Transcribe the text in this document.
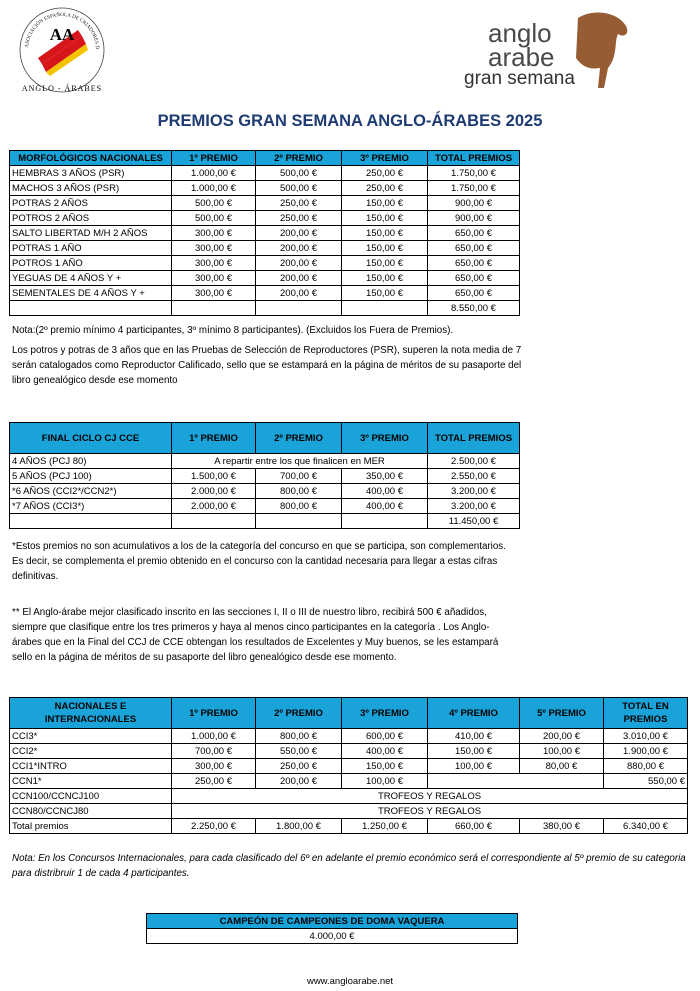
ASOCIACIÓN ESPAÑOLA DE CRIADORES D
AA
ANGLO - ÁRABES
anglo
arabe
gran semana
PREMIOS GRAN SEMANA ANGLO-ÁRABES 2025
MORFOLÓGICOS NACIONALES	1º PREMIO	2º PREMIO	3º PREMIO	TOTAL PREMIOS
HEMBRAS 3 AÑOS (PSR)	1.000,00 €	500,00 €	250,00 €	1.750,00 €
MACHOS 3 AÑOS (PSR)	1.000,00 €	500,00 €	250,00 €	1.750,00 €
POTRAS 2 AÑOS	500,00 €	250,00 €	150,00 €	900,00 €
POTROS 2 AÑOS	500,00 €	250,00 €	150,00 €	900,00 €
SALTO LIBERTAD M/H 2 AÑOS	300,00 €	200,00 €	150,00 €	650,00 €
POTRAS 1 AÑO	300,00 €	200,00 €	150,00 €	650,00 €
POTROS 1 AÑO	300,00 €	200,00 €	150,00 €	650,00 €
YEGUAS DE 4 AÑOS Y +	300,00 €	200,00 €	150,00 €	650,00 €
SEMENTALES DE 4 AÑOS Y +	300,00 €	200,00 €	150,00 €	650,00 €
				8.550,00 €
Nota:(2º premio mínimo 4 participantes, 3º mínimo 8 participantes). (Excluidos los Fuera de Premios).
Los potros y potras de 3 años que en las Pruebas de Selección de Reproductores (PSR), superen la nota media de 7 serán catalogados como Reproductor Calificado, sello que se estampará en la página de méritos de su pasaporte del libro genealógico desde ese momento
FINAL CICLO CJ CCE	1º PREMIO	2º PREMIO	3º PREMIO	TOTAL PREMIOS
4 AÑOS (PCJ 80)	A repartir entre los que finalicen en MER			2.500,00 €
5 AÑOS (PCJ 100)	1.500,00 €	700,00 €	350,00 €	2.550,00 €
*6 AÑOS (CCI2*/CCN2*)	2.000,00 €	800,00 €	400,00 €	3.200,00 €
*7 AÑOS (CCI3*)	2.000,00 €	800,00 €	400,00 €	3.200,00 €
				11.450,00 €
*Estos premios no son acumulativos a los de la categoría del concurso en que se participa, son complementarios. Es decir, se complementa el premio obtenido en el concurso con la cantidad necesaria para llegar a estas cifras definitivas.
** El Anglo-árabe mejor clasificado inscrito en las secciones I, II o III de nuestro libro, recibirá 500 € añadidos, siempre que clasifique entre los tres primeros y haya al menos cinco participantes en la categoría . Los Anglo-árabes que en la Final del CCJ de CCE obtengan los resultados de Excelentes y Muy buenos, se les estampará sello en la página de méritos de su pasaporte del libro genealógico desde ese momento.
NACIONALES E INTERNACIONALES	1º PREMIO	2º PREMIO	3º PREMIO	4º PREMIO	5º PREMIO	TOTAL EN PREMIOS
CCI3*	1.000,00 €	800,00 €	600,00 €	410,00 €	200,00 €	3.010,00 €
CCI2*	700,00 €	550,00 €	400,00 €	150,00 €	100,00 €	1.900,00 €
CCI1*INTRO	300,00 €	250,00 €	150,00 €	100,00 €	80,00 €	880,00 €
CCN1*	250,00 €	200,00 €	100,00 €			550,00 €
CCN100/CCNCJ100	TROFEOS Y REGALOS					
CCN80/CCNCJ80	TROFEOS Y REGALOS					
Total premios	2.250,00 €	1.800,00 €	1.250,00 €	660,00 €	380,00 €	6.340,00 €
Nota: En los Concursos Internacionales, para cada clasificado del 6º en adelante el premio económico será el correspondiente al 5º premio de su categoria para distribruir 1 de cada 4 participantes.
CAMPEÓN DE CAMPEONES DE DOMA VAQUERA
4.000,00 €
www.angloarabe.net
